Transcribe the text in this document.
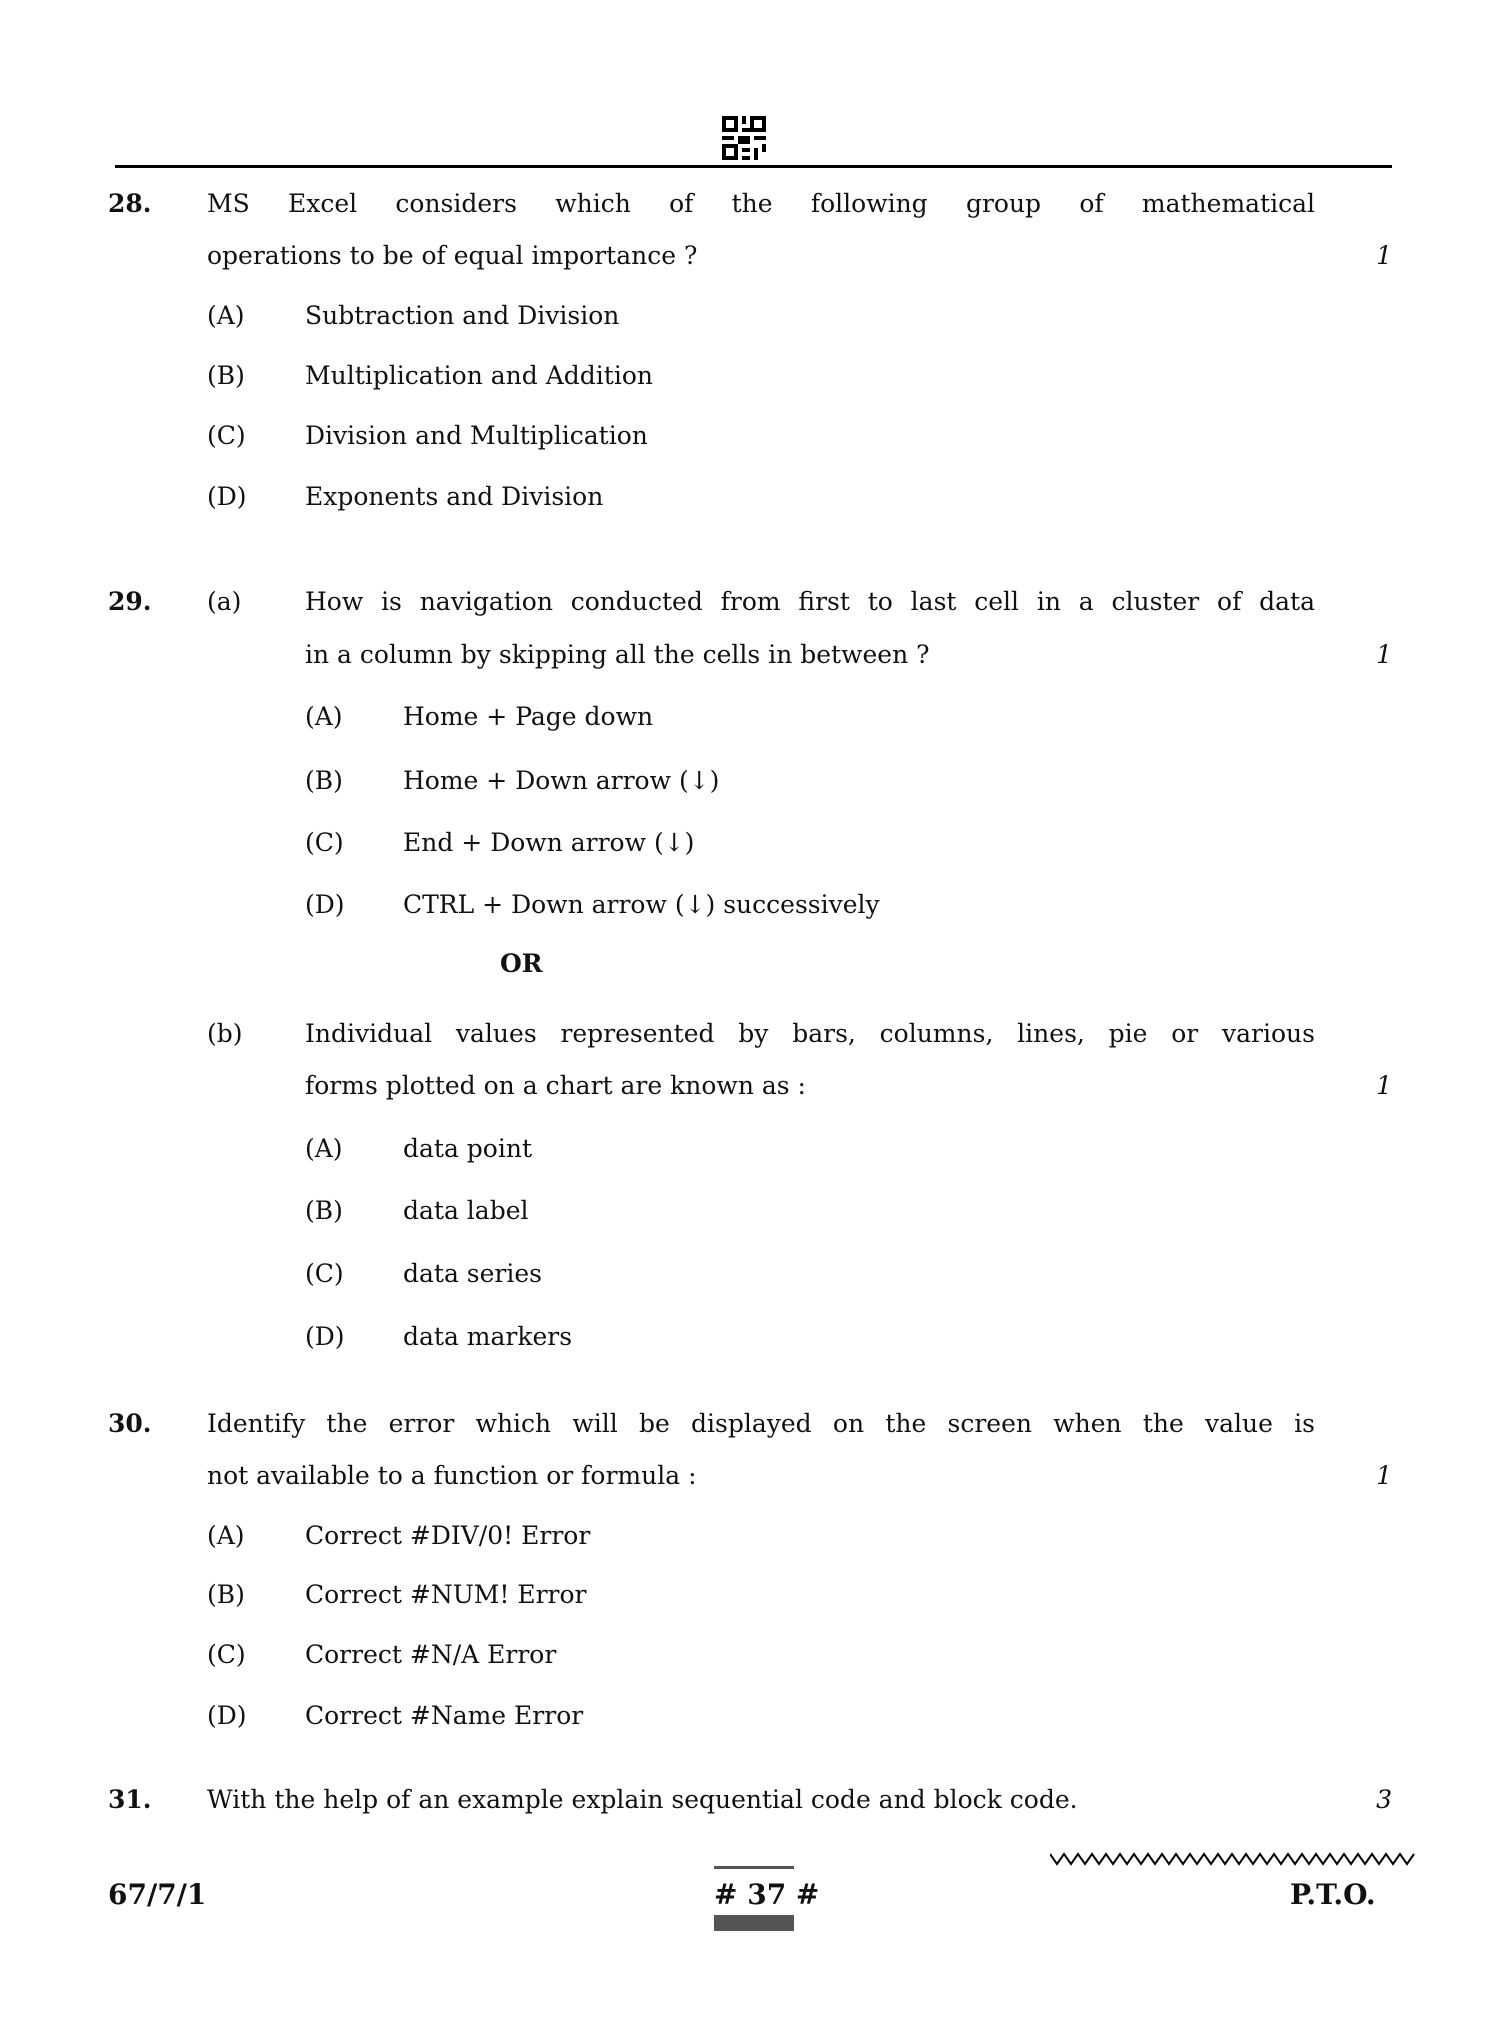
28. MS Excel considers which of the following group of mathematical
operations to be of equal importance ?	1
(A) Subtraction and Division
(B) Multiplication and Addition
(C) Division and Multiplication
(D) Exponents and Division
29. (a)	How is navigation conducted from first to last cell in a cluster of data
in a column by skipping all the cells in between ?	1
(A) Home + Page down
(B) Home + Down arrow (↓)
(C) End + Down arrow (↓)
(D) CTRL + Down arrow (↓) successively
OR
(b) Individual values represented by bars, columns, lines, pie or various
forms plotted on a chart are known as :	1
(A) data point
(B) data label
(C) data series
(D) data markers
30. Identify the error which will be displayed on the screen when the value is
not available to a function or formula :	1
(A) Correct #DIV/0! Error
(B) Correct #NUM! Error
(C) Correct #N/A Error
(D) Correct #Name Error
31. With the help of an example explain sequential code and block code.	3
67/7/1	# 37 #	P.T.O.
